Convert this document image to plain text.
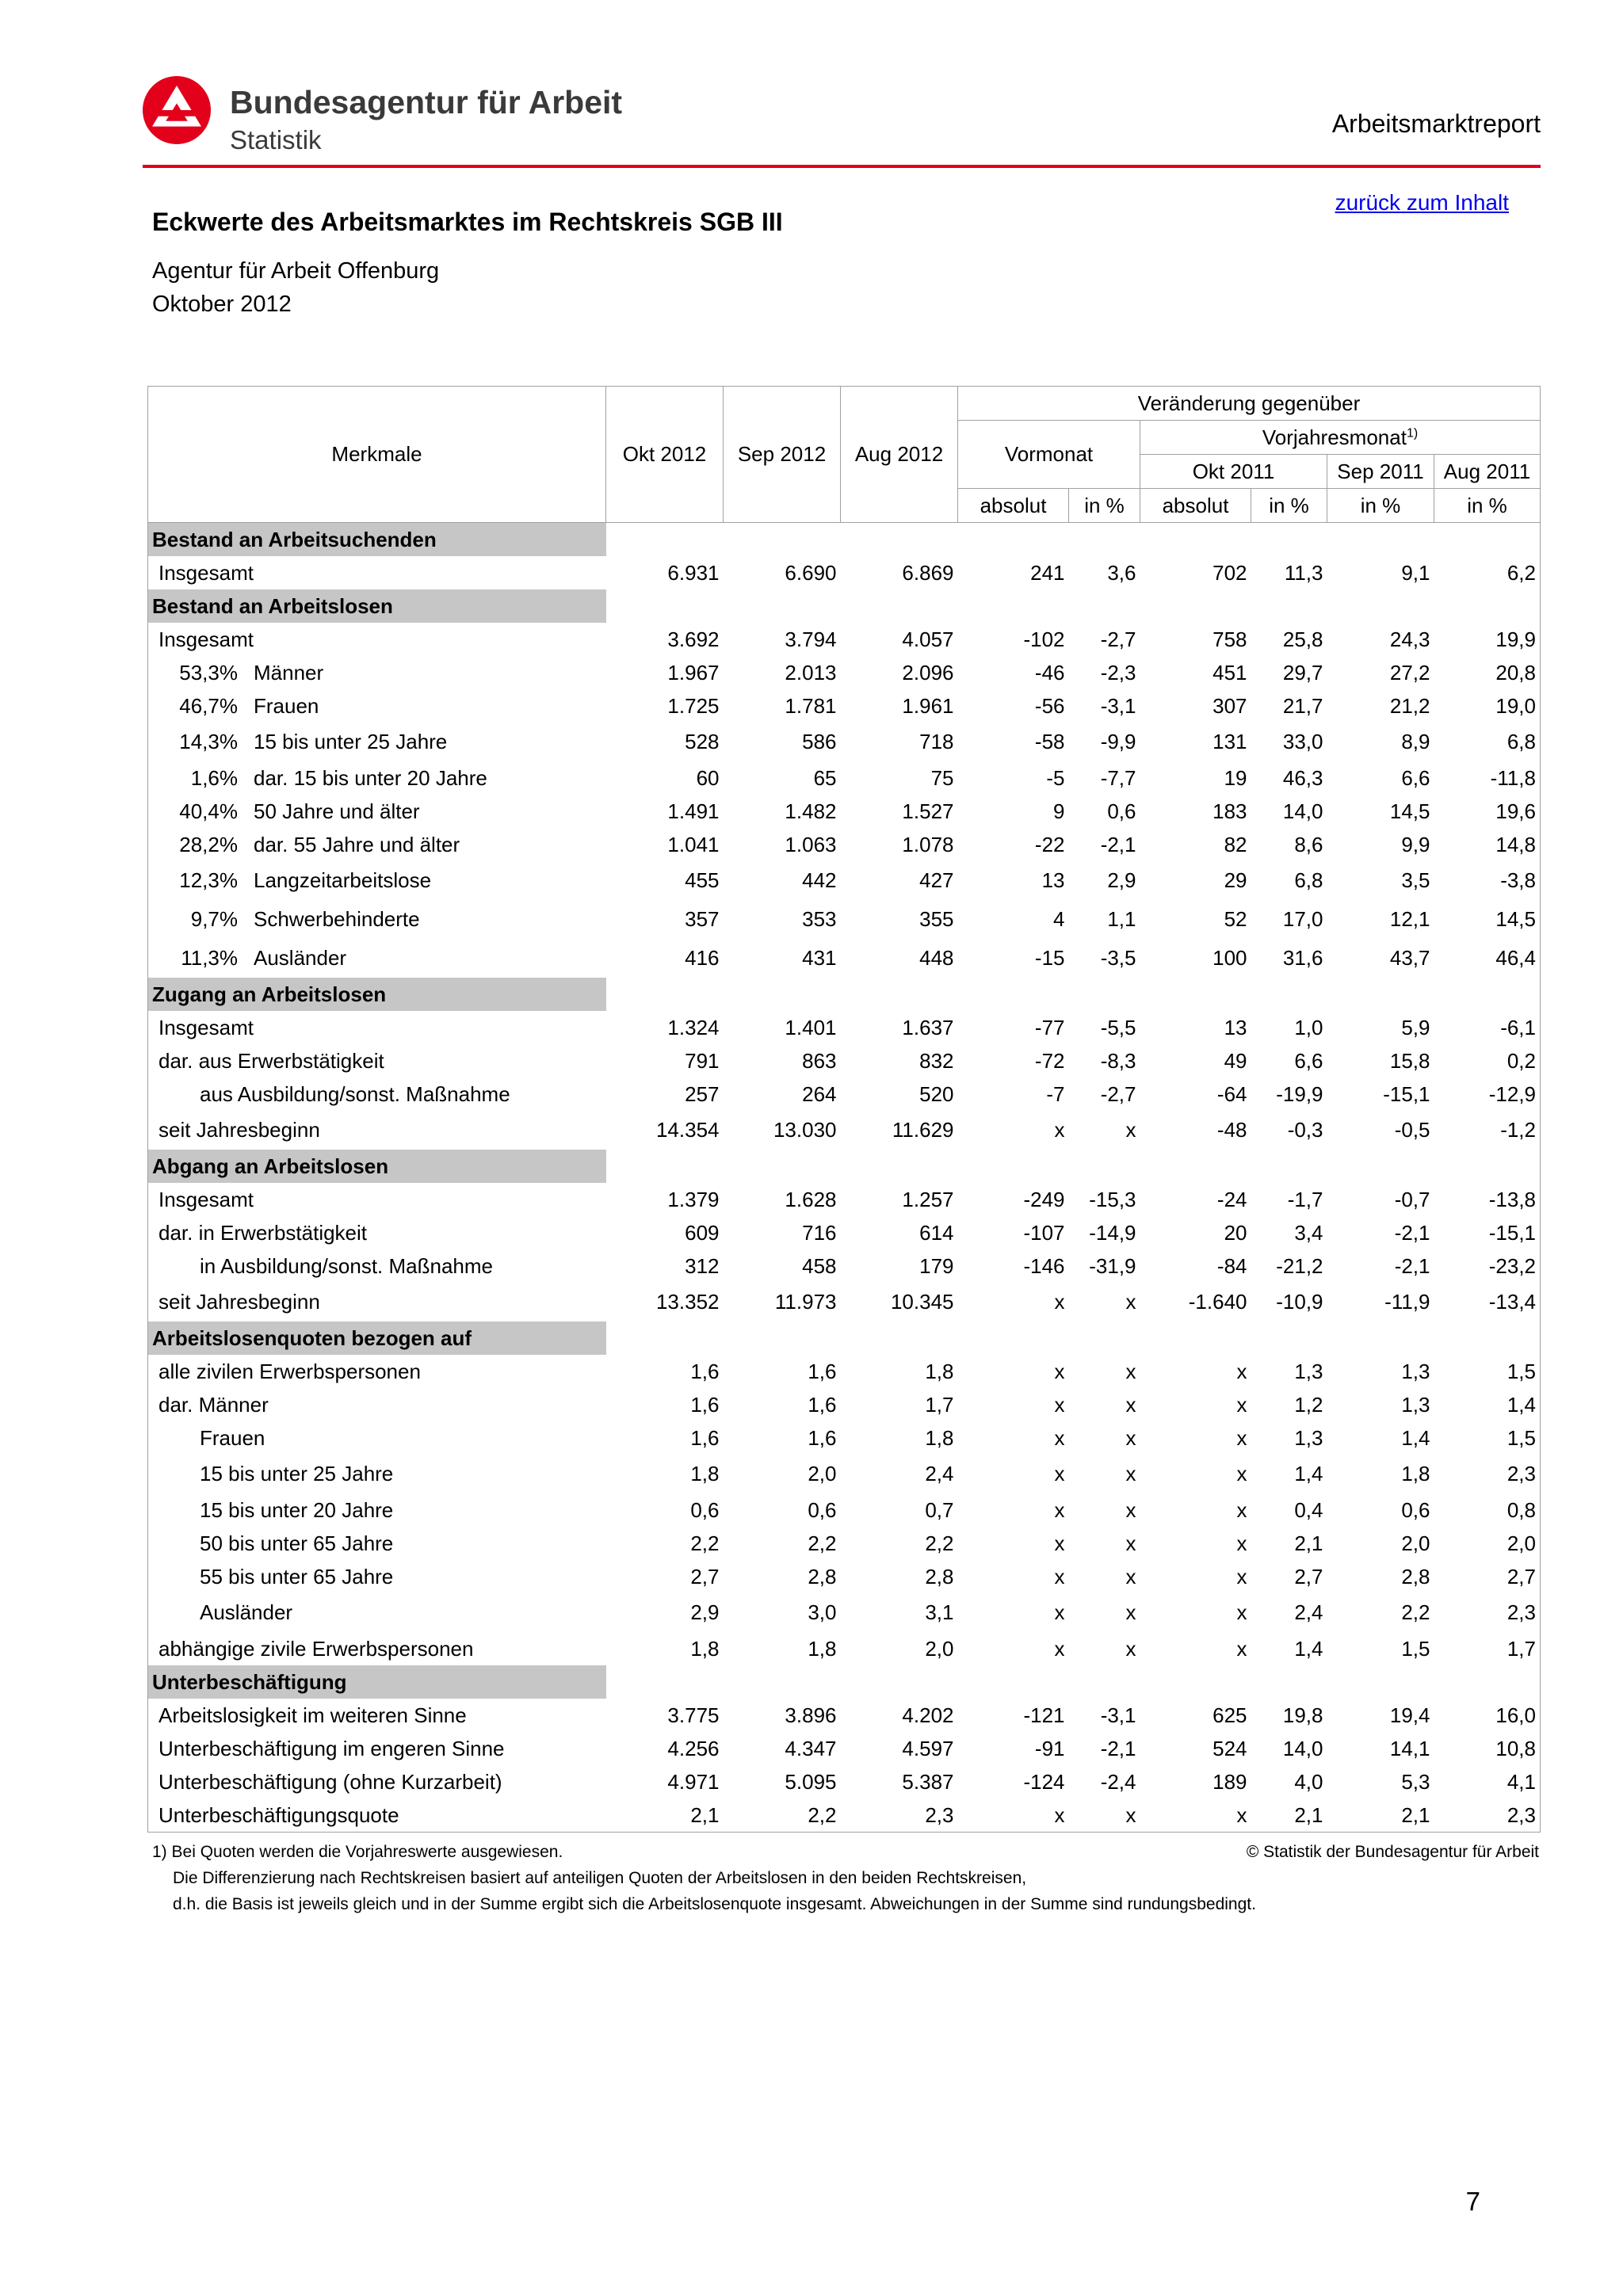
Bundesagentur für Arbeit
Statistik
Arbeitsmarktreport
zurück zum Inhalt
Eckwerte des Arbeitsmarktes im Rechtskreis SGB III
Agentur für Arbeit Offenburg
Oktober 2012
Merkmale	Okt 2012	Sep 2012	Aug 2012	Veränderung gegenüber					
				Vormonat		Vorjahresmonat$^{1)}$
						Okt 2011		Sep 2011	Aug 2011
				absolut	in %	absolut	in %	in %	in %
Bestand an Arbeitsuchenden									
Insgesamt	6.931	6.690	6.869	241	3,6	702	11,3	9,1	6,2
Bestand an Arbeitslosen									
Insgesamt	3.692	3.794	4.057	-102	-2,7	758	25,8	24,3	19,9
53,3% Männer	1.967	2.013	2.096	-46	-2,3	451	29,7	27,2	20,8
46,7% Frauen	1.725	1.781	1.961	-56	-3,1	307	21,7	21,2	19,0
14,3% 15 bis unter 25 Jahre	528	586	718	-58	-9,9	131	33,0	8,9	6,8
1,6% dar. 15 bis unter 20 Jahre	60	65	75	-5	-7,7	19	46,3	6,6	-11,8
40,4% 50 Jahre und älter	1.491	1.482	1.527	9	0,6	183	14,0	14,5	19,6
28,2% dar. 55 Jahre und älter	1.041	1.063	1.078	-22	-2,1	82	8,6	9,9	14,8
12,3% Langzeitarbeitslose	455	442	427	13	2,9	29	6,8	3,5	-3,8
9,7% Schwerbehinderte	357	353	355	4	1,1	52	17,0	12,1	14,5
11,3% Ausländer	416	431	448	-15	-3,5	100	31,6	43,7	46,4
Zugang an Arbeitslosen									
Insgesamt	1.324	1.401	1.637	-77	-5,5	13	1,0	5,9	-6,1
dar. aus Erwerbstätigkeit	791	863	832	-72	-8,3	49	6,6	15,8	0,2
aus Ausbildung/sonst. Maßnahme	257	264	520	-7	-2,7	-64	-19,9	-15,1	-12,9
seit Jahresbeginn	14.354	13.030	11.629	x	x	-48	-0,3	-0,5	-1,2
Abgang an Arbeitslosen									
Insgesamt	1.379	1.628	1.257	-249	-15,3	-24	-1,7	-0,7	-13,8
dar. in Erwerbstätigkeit	609	716	614	-107	-14,9	20	3,4	-2,1	-15,1
in Ausbildung/sonst. Maßnahme	312	458	179	-146	-31,9	-84	-21,2	-2,1	-23,2
seit Jahresbeginn	13.352	11.973	10.345	x	x	-1.640	-10,9	-11,9	-13,4
Arbeitslosenquoten bezogen auf									
alle zivilen Erwerbspersonen	1,6	1,6	1,8	x	x	x	1,3	1,3	1,5
dar. Männer	1,6	1,6	1,7	x	x	x	1,2	1,3	1,4
Frauen	1,6	1,6	1,8	x	x	x	1,3	1,4	1,5
15 bis unter 25 Jahre	1,8	2,0	2,4	x	x	x	1,4	1,8	2,3
15 bis unter 20 Jahre	0,6	0,6	0,7	x	x	x	0,4	0,6	0,8
50 bis unter 65 Jahre	2,2	2,2	2,2	x	x	x	2,1	2,0	2,0
55 bis unter 65 Jahre	2,7	2,8	2,8	x	x	x	2,7	2,8	2,7
Ausländer	2,9	3,0	3,1	x	x	x	2,4	2,2	2,3
abhängige zivile Erwerbspersonen	1,8	1,8	2,0	x	x	x	1,4	1,5	1,7
Unterbeschäftigung									
Arbeitslosigkeit im weiteren Sinne	3.775	3.896	4.202	-121	-3,1	625	19,8	19,4	16,0
Unterbeschäftigung im engeren Sinne	4.256	4.347	4.597	-91	-2,1	524	14,0	14,1	10,8
Unterbeschäftigung (ohne Kurzarbeit)	4.971	5.095	5.387	-124	-2,4	189	4,0	5,3	4,1
Unterbeschäftigungsquote	2,1	2,2	2,3	x	x	x	2,1	2,1	2,3
1) Bei Quoten werden die Vorjahreswerte ausgewiesen.
Die Differenzierung nach Rechtskreisen basiert auf anteiligen Quoten der Arbeitslosen in den beiden Rechtskreisen,
d.h. die Basis ist jeweils gleich und in der Summe ergibt sich die Arbeitslosenquote insgesamt. Abweichungen in der Summe sind rundungsbedingt.
© Statistik der Bundesagentur für Arbeit
7
